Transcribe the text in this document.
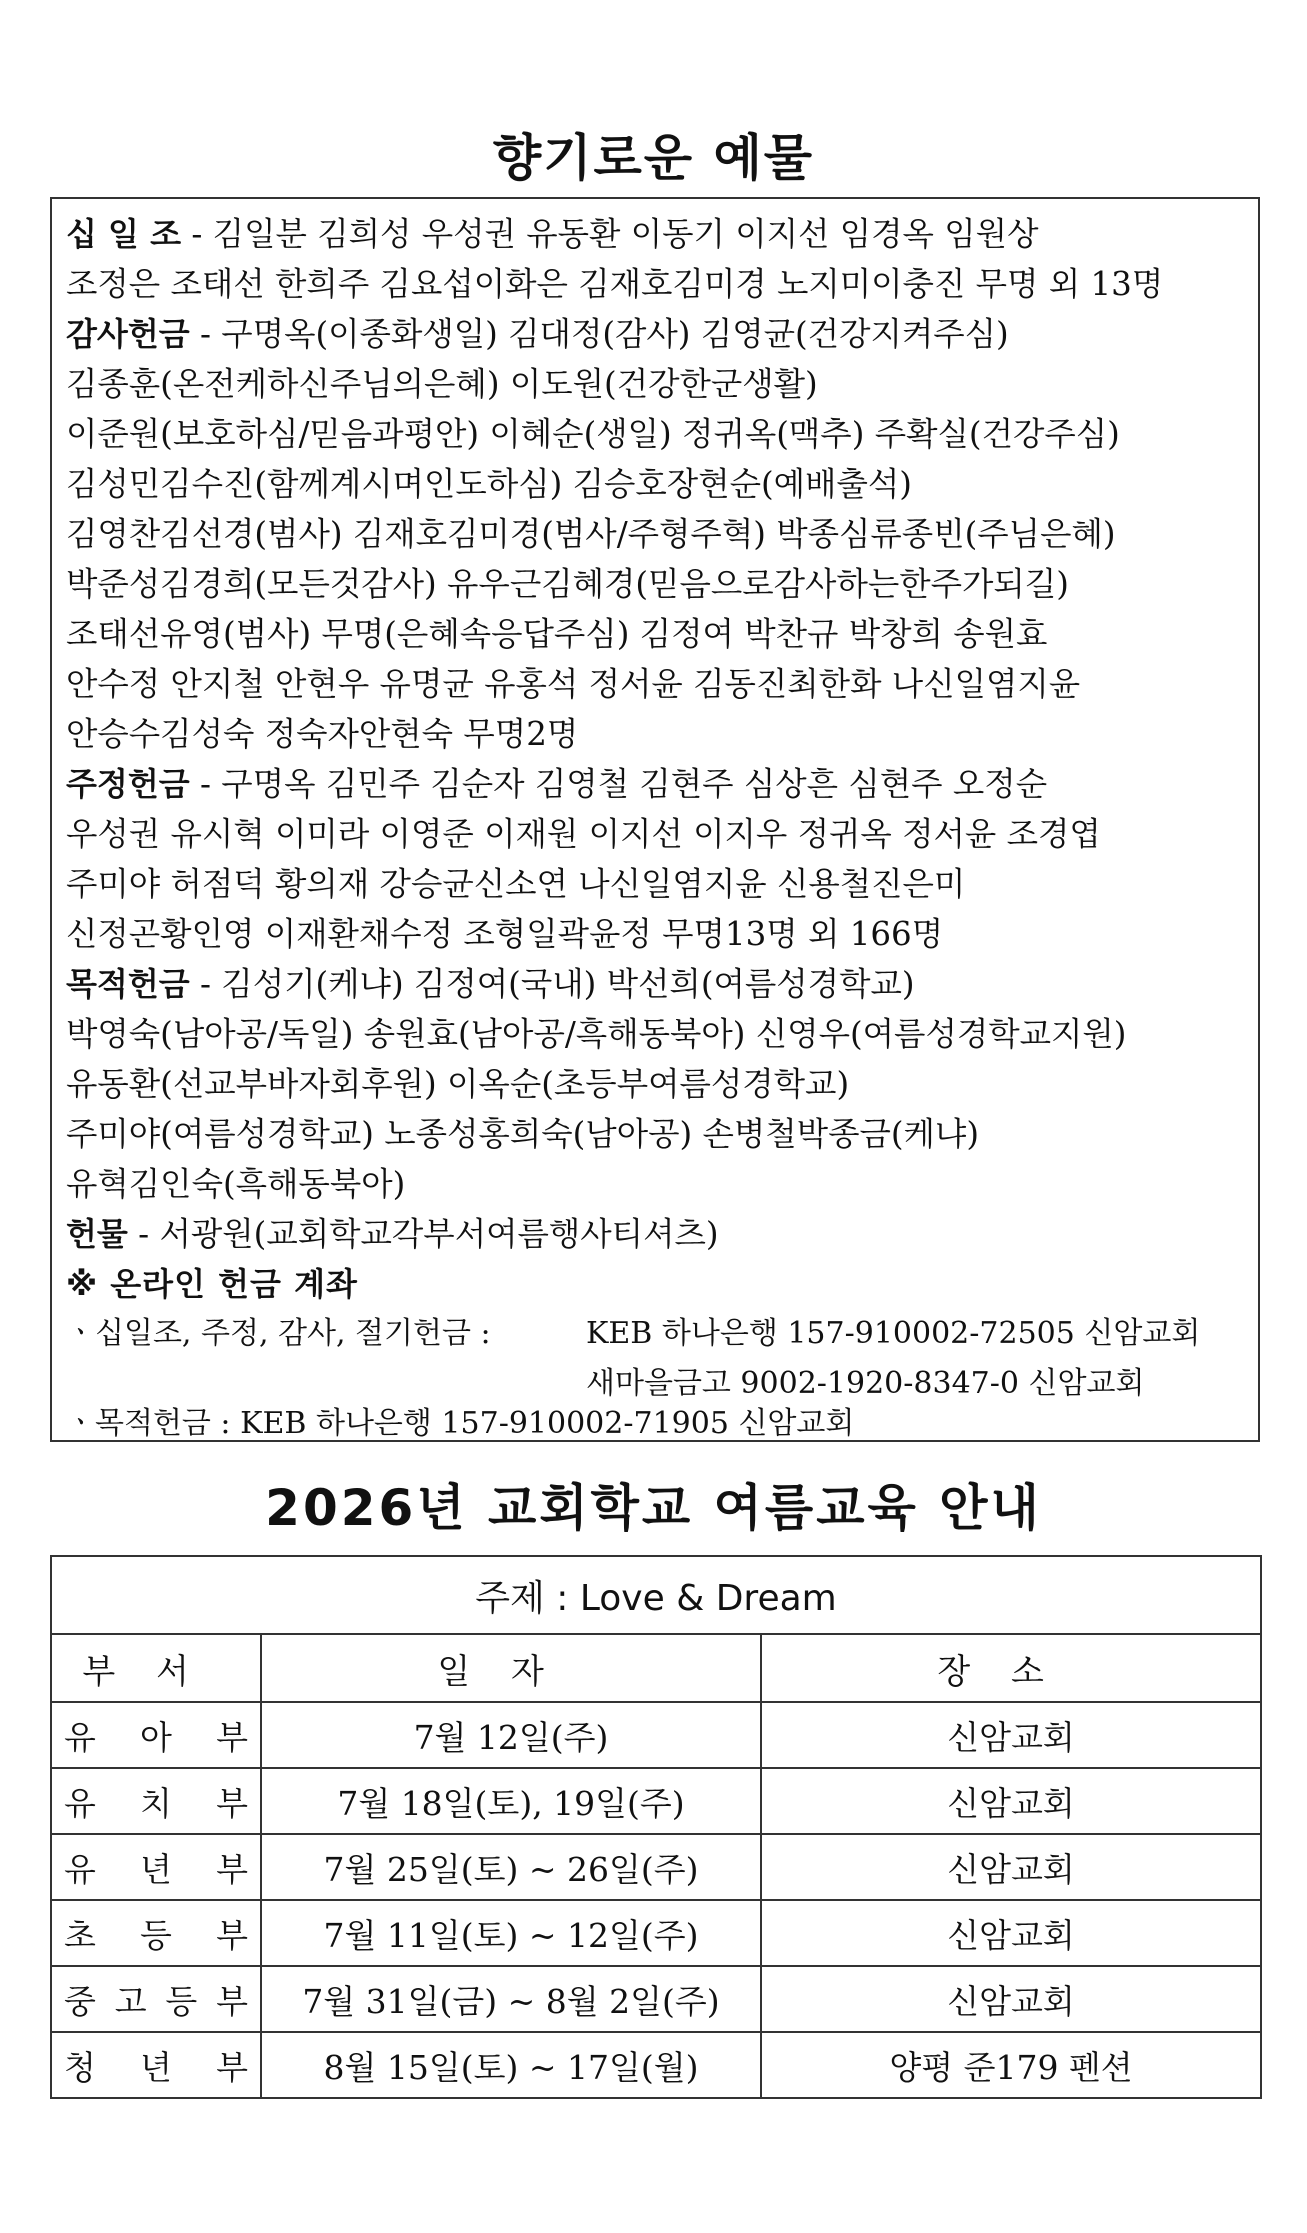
향기로운 예물
십 일 조 - 김일분 김희성 우성권 유동환 이동기 이지선 임경옥 임원상
조정은 조태선 한희주 김요섭이화은 김재호김미경 노지미이충진 무명 외 13명
감사헌금 - 구명옥(이종화생일) 김대정(감사) 김영균(건강지켜주심)
김종훈(온전케하신주님의은혜) 이도원(건강한군생활)
이준원(보호하심/믿음과평안) 이혜순(생일) 정귀옥(맥추) 주확실(건강주심)
김성민김수진(함께계시며인도하심) 김승호장현순(예배출석)
김영찬김선경(범사) 김재호김미경(범사/주형주혁) 박종심류종빈(주님은혜)
박준성김경희(모든것감사) 유우근김혜경(믿음으로감사하는한주가되길)
조태선유영(범사) 무명(은혜속응답주심) 김정여 박찬규 박창희 송원효
안수정 안지철 안현우 유명균 유홍석 정서윤 김동진최한화 나신일염지윤
안승수김성숙 정숙자안현숙 무명2명
주정헌금 - 구명옥 김민주 김순자 김영철 김현주 심상흔 심현주 오정순
우성권 유시혁 이미라 이영준 이재원 이지선 이지우 정귀옥 정서윤 조경엽
주미야 허점덕 황의재 강승균신소연 나신일염지윤 신용철진은미
신정곤황인영 이재환채수정 조형일곽윤정 무명13명 외 166명
목적헌금 - 김성기(케냐) 김정여(국내) 박선희(여름성경학교)
박영숙(남아공/독일) 송원효(남아공/흑해동북아) 신영우(여름성경학교지원)
유동환(선교부바자회후원) 이옥순(초등부여름성경학교)
주미야(여름성경학교) 노종성홍희숙(남아공) 손병철박종금(케냐)
유혁김인숙(흑해동북아)
헌물 - 서광원(교회학교각부서여름행사티셔츠)
※ 온라인 헌금 계좌
ㆍ십일조, 주정, 감사, 절기헌금 :	KEB 하나은행 157-910002-72505 신암교회
새마을금고 9002-1920-8347-0 신암교회
ㆍ목적헌금 : KEB 하나은행 157-910002-71905 신암교회
2026년 교회학교 여름교육 안내
주제 : Love & Dream		
부서	일자	장소
유 아 부	7월 12일(주)	신암교회
유 치 부	7월 18일(토), 19일(주)	신암교회
유 년 부	7월 25일(토) ~ 26일(주)	신암교회
초 등 부	7월 11일(토) ~ 12일(주)	신암교회
중 고 등 부	7월 31일(금) ~ 8월 2일(주)	신암교회
청 년 부	8월 15일(토) ~ 17일(월)	양평 준179 펜션
